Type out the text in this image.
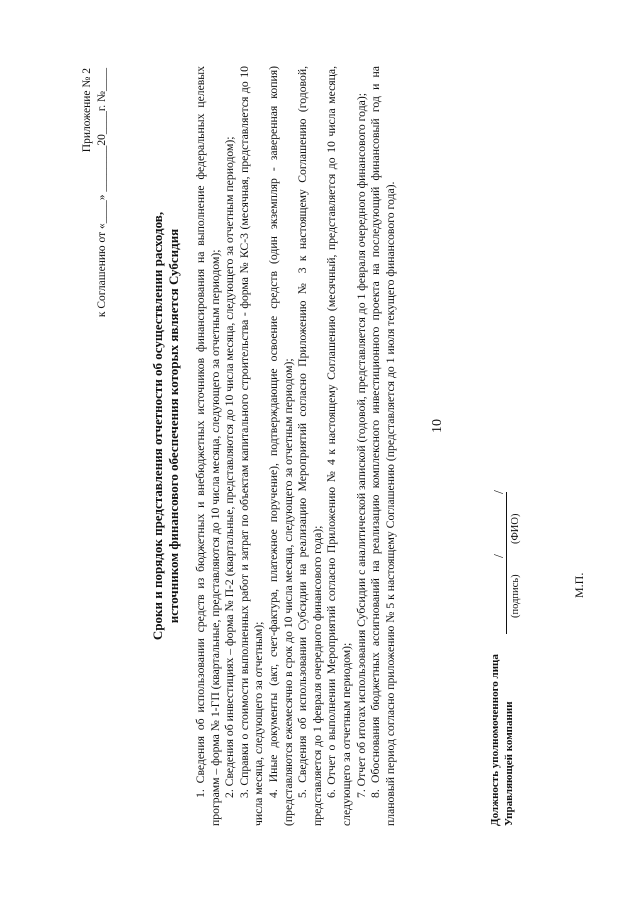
10
Приложение № 2 к Соглашению от «____» ________20____г. №____
Сроки и порядок представления отчетности об осуществлении расходов, источником финансового обеспечения которых является Субсидия 1. Сведения об использовании средств из бюджетных и внебюджетных источников финансирования на выполнение федеральных целевых программ – форма № 1-ГП (квартальные, представляются до 10 числа месяца, следующего за отчетным периодом); 2. Сведения об инвестициях – форма № П-2 (квартальные, представляются до 10 числа месяца, следующего за отчетным периодом); 3. Справки о стоимости выполненных работ и затрат по объектам капитального строительства - форма № КС-3 (месячная, представляется до 10 числа месяца, следующего за отчетным); 4. Иные документы (акт, счет-фактура, платежное поручение), подтверждающие освоение средств (один экземпляр - заверенная копия) (представляются ежемесячно в срок до 10 числа месяца, следующего за отчетным периодом); 5. Сведения об использовании Субсидии на реализацию Мероприятий согласно Приложению № 3 к настоящему Соглашению (годовой, представляется до 1 февраля очередного финансового года); 6. Отчет о выполнении Мероприятий согласно Приложению № 4 к настоящему Соглашению (месячный, представляется до 10 числа месяца, следующего за отчетным периодом); 7. Отчет об итогах использования Субсидии с аналитической запиской (годовой, представляется до 1 февраля очередного финансового года); 8. Обоснования бюджетных ассигнований на реализацию комплексного инвестиционного проекта на последующий финансовый год и на плановый период согласно приложению № 5 к настоящему Соглашению (представляется до 1 июля текущего финансового года).	Должность уполномоченного лица Управляющей компании
/
/
(подпись)
(ФИО)
М.П.
